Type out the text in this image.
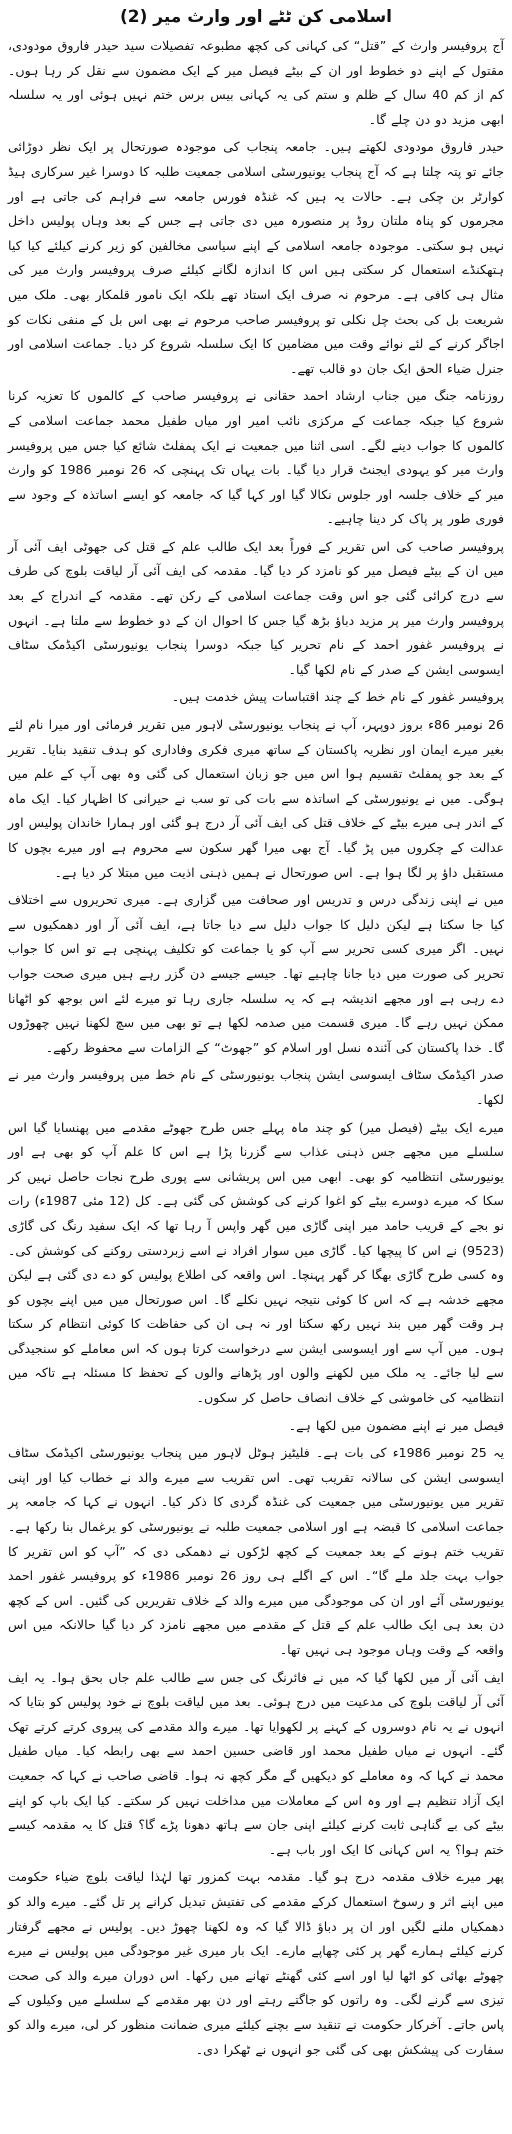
اسلامی کن ٹٹے اور وارث میر (2)
آج پروفیسر وارث کے ”قتل“ کی کہانی کی کچھ مطبوعہ تفصیلات سید حیدر فاروق مودودی، مقتول کے اپنے دو خطوط اور ان کے بیٹے فیصل میر کے ایک مضمون سے نقل کر رہا ہوں۔ کم از کم 40 سال کے ظلم و ستم کی یہ کہانی بیس برس ختم نہیں ہوئی اور یہ سلسلہ ابھی مزید دو دن چلے گا۔
حیدر فاروق مودودی لکھتے ہیں۔ جامعہ پنجاب کی موجودہ صورتحال پر ایک نظر دوڑائی جائے تو پتہ چلتا ہے کہ آج پنجاب یونیورسٹی اسلامی جمعیت طلبہ کا دوسرا غیر سرکاری ہیڈ کوارٹر بن چکی ہے۔ حالات یہ ہیں کہ غنڈہ فورس جامعہ سے فراہم کی جاتی ہے اور مجرموں کو پناہ ملتان روڈ پر منصورہ میں دی جاتی ہے جس کے بعد وہاں پولیس داخل نہیں ہو سکتی۔ موجودہ جامعہ اسلامی کے اپنے سیاسی مخالفین کو زیر کرنے کیلئے کیا کیا ہتھکنڈے استعمال کر سکتی ہیں اس کا اندازہ لگانے کیلئے صرف پروفیسر وارث میر کی مثال ہی کافی ہے۔ مرحوم نہ صرف ایک استاد تھے بلکہ ایک نامور قلمکار بھی۔ ملک میں شریعت بل کی بحث چل نکلی تو پروفیسر صاحب مرحوم نے بھی اس بل کے منفی نکات کو اجاگر کرنے کے لئے نوائے وقت میں مضامین کا ایک سلسلہ شروع کر دیا۔ جماعت اسلامی اور جنرل ضیاء الحق ایک جان دو قالب تھے۔
روزنامہ جنگ میں جناب ارشاد احمد حقانی نے پروفیسر صاحب کے کالموں کا تعزیہ کرنا شروع کیا جبکہ جماعت کے مرکزی نائب امیر اور میاں طفیل محمد جماعت اسلامی کے کالموں کا جواب دینے لگے۔ اسی اثنا میں جمعیت نے ایک پمفلٹ شائع کیا جس میں پروفیسر وارث میر کو یہودی ایجنٹ قرار دیا گیا۔ بات یہاں تک پہنچی کہ 26 نومبر 1986 کو وارث میر کے خلاف جلسہ اور جلوس نکالا گیا اور کہا گیا کہ جامعہ کو ایسے اساتذہ کے وجود سے فوری طور پر پاک کر دینا چاہیے۔
پروفیسر صاحب کی اس تقریر کے فوراً بعد ایک طالب علم کے قتل کی جھوٹی ایف آئی آر میں ان کے بیٹے فیصل میر کو نامزد کر دیا گیا۔ مقدمہ کی ایف آئی آر لیاقت بلوچ کی طرف سے درج کرائی گئی جو اس وقت جماعت اسلامی کے رکن تھے۔ مقدمہ کے اندراج کے بعد پروفیسر وارث میر پر مزید دباؤ بڑھ گیا جس کا احوال ان کے دو خطوط سے ملتا ہے۔ انہوں نے پروفیسر غفور احمد کے نام تحریر کیا جبکہ دوسرا پنجاب یونیورسٹی اکیڈمک سٹاف ایسوسی ایشن کے صدر کے نام لکھا گیا۔
پروفیسر غفور کے نام خط کے چند اقتباسات پیش خدمت ہیں۔
26 نومبر 86ء بروز دوپہر، آپ نے پنجاب یونیورسٹی لاہور میں تقریر فرمائی اور میرا نام لئے بغیر میرے ایمان اور نظریہ پاکستان کے ساتھ میری فکری وفاداری کو ہدف تنقید بنایا۔ تقریر کے بعد جو پمفلٹ تقسیم ہوا اس میں جو زبان استعمال کی گئی وہ بھی آپ کے علم میں ہوگی۔ میں نے یونیورسٹی کے اساتذہ سے بات کی تو سب نے حیرانی کا اظہار کیا۔ ایک ماہ کے اندر ہی میرے بیٹے کے خلاف قتل کی ایف آئی آر درج ہو گئی اور ہمارا خاندان پولیس اور عدالت کے چکروں میں پڑ گیا۔ آج بھی میرا گھر سکون سے محروم ہے اور میرے بچوں کا مستقبل داؤ پر لگا ہوا ہے۔ اس صورتحال نے ہمیں ذہنی اذیت میں مبتلا کر دیا ہے۔
میں نے اپنی زندگی درس و تدریس اور صحافت میں گزاری ہے۔ میری تحریروں سے اختلاف کیا جا سکتا ہے لیکن دلیل کا جواب دلیل سے دیا جاتا ہے، ایف آئی آر اور دھمکیوں سے نہیں۔ اگر میری کسی تحریر سے آپ کو یا جماعت کو تکلیف پہنچی ہے تو اس کا جواب تحریر کی صورت میں دیا جانا چاہیے تھا۔ جیسے جیسے دن گزر رہے ہیں میری صحت جواب دے رہی ہے اور مجھے اندیشہ ہے کہ یہ سلسلہ جاری رہا تو میرے لئے اس بوجھ کو اٹھانا ممکن نہیں رہے گا۔ میری قسمت میں صدمہ لکھا ہے تو بھی میں سچ لکھنا نہیں چھوڑوں گا۔ خدا پاکستان کی آئندہ نسل اور اسلام کو ”جھوٹ“ کے الزامات سے محفوظ رکھے۔
صدر اکیڈمک سٹاف ایسوسی ایشن پنجاب یونیورسٹی کے نام خط میں پروفیسر وارث میر نے لکھا۔
میرے ایک بیٹے (فیصل میر) کو چند ماہ پہلے جس طرح جھوٹے مقدمے میں پھنسایا گیا اس سلسلے میں مجھے جس ذہنی عذاب سے گزرنا پڑا ہے اس کا علم آپ کو بھی ہے اور یونیورسٹی انتظامیہ کو بھی۔ ابھی میں اس پریشانی سے پوری طرح نجات حاصل نہیں کر سکا کہ میرے دوسرے بیٹے کو اغوا کرنے کی کوشش کی گئی ہے۔ کل (12 مئی 1987ء) رات نو بجے کے قریب حامد میر اپنی گاڑی میں گھر واپس آ رہا تھا کہ ایک سفید رنگ کی گاڑی (9523) نے اس کا پیچھا کیا۔ گاڑی میں سوار افراد نے اسے زبردستی روکنے کی کوشش کی۔ وہ کسی طرح گاڑی بھگا کر گھر پہنچا۔ اس واقعہ کی اطلاع پولیس کو دے دی گئی ہے لیکن مجھے خدشہ ہے کہ اس کا کوئی نتیجہ نہیں نکلے گا۔ اس صورتحال میں میں اپنے بچوں کو ہر وقت گھر میں بند نہیں رکھ سکتا اور نہ ہی ان کی حفاظت کا کوئی انتظام کر سکتا ہوں۔ میں آپ سے اور ایسوسی ایشن سے درخواست کرتا ہوں کہ اس معاملے کو سنجیدگی سے لیا جائے۔ یہ ملک میں لکھنے والوں اور پڑھانے والوں کے تحفظ کا مسئلہ ہے تاکہ میں انتظامیہ کی خاموشی کے خلاف انصاف حاصل کر سکوں۔
فیصل میر نے اپنے مضمون میں لکھا ہے۔
یہ 25 نومبر 1986ء کی بات ہے۔ فلیٹیز ہوٹل لاہور میں پنجاب یونیورسٹی اکیڈمک سٹاف ایسوسی ایشن کی سالانہ تقریب تھی۔ اس تقریب سے میرے والد نے خطاب کیا اور اپنی تقریر میں یونیورسٹی میں جمعیت کی غنڈہ گردی کا ذکر کیا۔ انہوں نے کہا کہ جامعہ پر جماعت اسلامی کا قبضہ ہے اور اسلامی جمعیت طلبہ نے یونیورسٹی کو یرغمال بنا رکھا ہے۔ تقریب ختم ہونے کے بعد جمعیت کے کچھ لڑکوں نے دھمکی دی کہ ”آپ کو اس تقریر کا جواب بہت جلد ملے گا“۔ اس کے اگلے ہی روز 26 نومبر 1986ء کو پروفیسر غفور احمد یونیورسٹی آئے اور ان کی موجودگی میں میرے والد کے خلاف تقریریں کی گئیں۔ اس کے کچھ دن بعد ہی ایک طالب علم کے قتل کے مقدمے میں مجھے نامزد کر دیا گیا حالانکہ میں اس واقعہ کے وقت وہاں موجود ہی نہیں تھا۔
ایف آئی آر میں لکھا گیا کہ میں نے فائرنگ کی جس سے طالب علم جاں بحق ہوا۔ یہ ایف آئی آر لیاقت بلوچ کی مدعیت میں درج ہوئی۔ بعد میں لیاقت بلوچ نے خود پولیس کو بتایا کہ انہوں نے یہ نام دوسروں کے کہنے پر لکھوایا تھا۔ میرے والد مقدمے کی پیروی کرتے کرتے تھک گئے۔ انہوں نے میاں طفیل محمد اور قاضی حسین احمد سے بھی رابطہ کیا۔ میاں طفیل محمد نے کہا کہ وہ معاملے کو دیکھیں گے مگر کچھ نہ ہوا۔ قاضی صاحب نے کہا کہ جمعیت ایک آزاد تنظیم ہے اور وہ اس کے معاملات میں مداخلت نہیں کر سکتے۔ کیا ایک باپ کو اپنے بیٹے کی بے گناہی ثابت کرنے کیلئے اپنی جان سے ہاتھ دھونا پڑے گا؟ قتل کا یہ مقدمہ کیسے ختم ہوا؟ یہ اس کہانی کا ایک اور باب ہے۔
پھر میرے خلاف مقدمہ درج ہو گیا۔ مقدمہ بہت کمزور تھا لہٰذا لیاقت بلوچ ضیاء حکومت میں اپنے اثر و رسوخ استعمال کرکے مقدمے کی تفتیش تبدیل کرانے پر تل گئے۔ میرے والد کو دھمکیاں ملنے لگیں اور ان پر دباؤ ڈالا گیا کہ وہ لکھنا چھوڑ دیں۔ پولیس نے مجھے گرفتار کرنے کیلئے ہمارے گھر پر کئی چھاپے مارے۔ ایک بار میری غیر موجودگی میں پولیس نے میرے چھوٹے بھائی کو اٹھا لیا اور اسے کئی گھنٹے تھانے میں رکھا۔ اس دوران میرے والد کی صحت تیزی سے گرنے لگی۔ وہ راتوں کو جاگتے رہتے اور دن بھر مقدمے کے سلسلے میں وکیلوں کے پاس جاتے۔ آخرکار حکومت نے تنقید سے بچنے کیلئے میری ضمانت منظور کر لی، میرے والد کو سفارت کی پیشکش بھی کی گئی جو انہوں نے ٹھکرا دی۔
